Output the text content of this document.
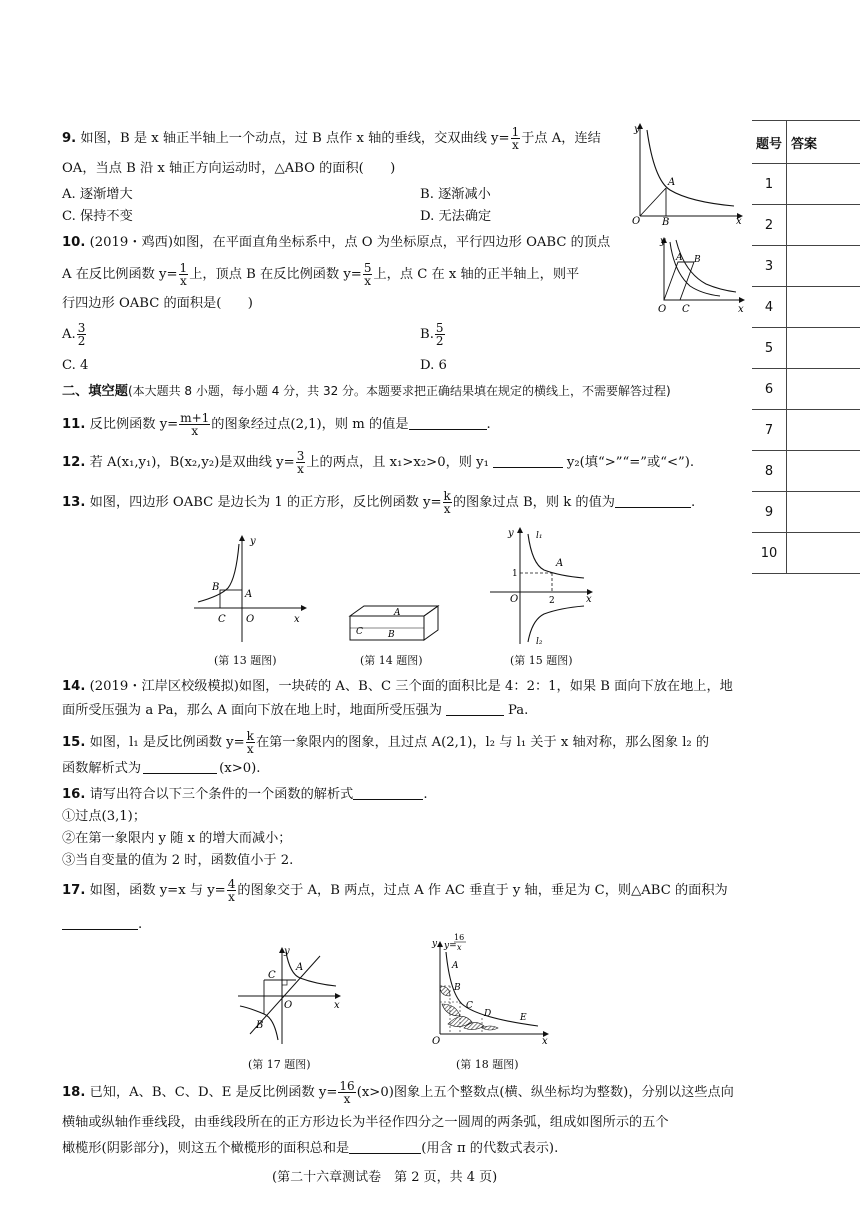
题号	答案
1	
2	
3	
4	
5	
6	
7	
8	
9	
10	
9. 如图，B 是 x 轴正半轴上一个动点，过 B 点作 x 轴的垂线，交双曲线 $y= \frac{1}{x}$ 于点 A，连结
OA，当点 B 沿 x 轴正方向运动时，△ABO 的面积(　　)
A. 逐渐增大	B. 逐渐减小
C. 保持不变	D. 无法确定
y
A
O B	x
10. (2019・鸡西)如图，在平面直角坐标系中，点 O 为坐标原点，平行四边形 OABC 的顶点
A 在反比例函数 $y= \frac{1}{x}$ 上，顶点 B 在反比例函数 $y= \frac{5}{x}$ 上，点 C 在 x 轴的正半轴上，则平
行四边形 OABC 的面积是(　　)
A. $\frac{3}{2}$	B. $\frac{5}{2}$
C. 4	D. 6
y
A B
O C	x
二、填空题(本大题共 8 小题，每小题 4 分，共 32 分。本题要求把正确结果填在规定的横线上，不需要解答过程)
11. 反比例函数 $y= \frac{m+1}{x}$ 的图象经过点(2,1)，则 m 的值是	.
12. 若 A(x₁,y₁)，B(x₂,y₂)是双曲线 $y= \frac{3}{x}$ 上的两点，且 x₁>x₂>0，则 y₁	y₂(填“>”“=”或“<”).
13. 如图，四边形 OABC 是边长为 1 的正方形，反比例函数 $y= \frac{k}{x}$ 的图象过点 B，则 k 的值为	.
y
B
A
C O	x
(第 13 题图)
A
B
C
(第 14 题图)
y l₁
A
1
O	2	x
l₂
(第 15 题图)
14. (2019・江岸区校级模拟)如图，一块砖的 A、B、C 三个面的面积比是 4：2：1，如果 B 面向下放在地上，地
面所受压强为 a Pa，那么 A 面向下放在地上时，地面所受压强为	Pa.
15. 如图，l₁ 是反比例函数 $y= \frac{k}{x}$ 在第一象限内的图象，且过点 A(2,1)，l₂ 与 l₁ 关于 x 轴对称，那么图象 l₂ 的
函数解析式为	(x>0).
16. 请写出符合以下三个条件的一个函数的解析式	.
①过点(3,1)；
②在第一象限内 y 随 x 的增大而减小；
③当自变量的值为 2 时，函数值小于 2.
17. 如图，函数 y=x 与 $y= \frac{4}{x}$ 的图象交于 A，B 两点，过点 A 作 AC 垂直于 y 轴，垂足为 C，则△ABC 的面积为
.
y
C
A
O
B
x
(第 17 题图)
y y=
16
x
A
B
C
D	E
O	x
(第 18 题图)
18. 已知，A、B、C、D、E 是反比例函数 $y= \frac{16}{x} (x>0)$图象上五个整数点(横、纵坐标均为整数)，分别以这些点向
横轴或纵轴作垂线段，由垂线段所在的正方形边长为半径作四分之一圆周的两条弧，组成如图所示的五个
橄榄形(阴影部分)，则这五个橄榄形的面积总和是	(用含 π 的代数式表示).
(第二十六章测试卷　第 2 页，共 4 页)
